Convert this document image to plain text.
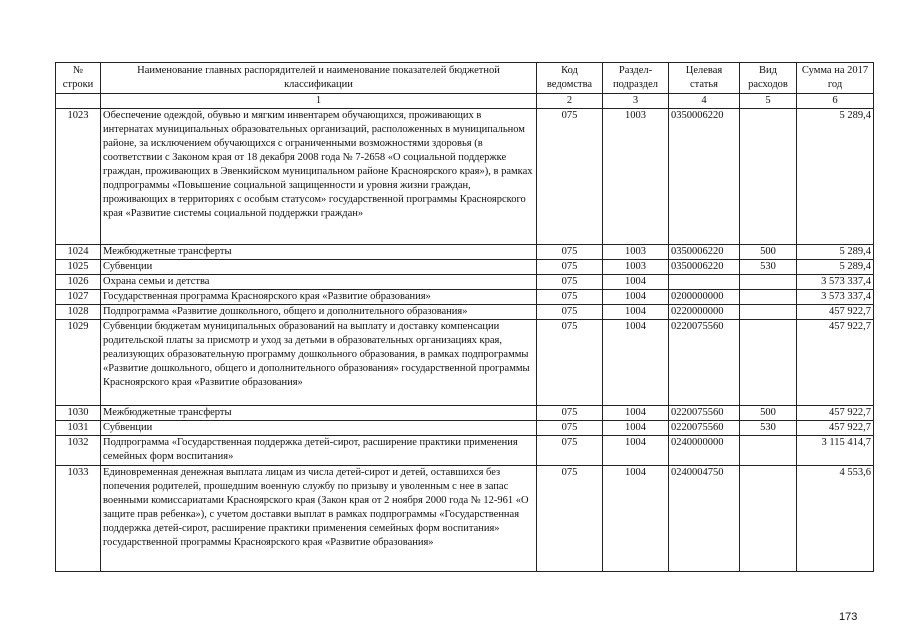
№ строки	Наименование главных распорядителей и наименование показателей бюджетной классификации	Код ведомства	Раздел-подраздел	Целевая статья	Вид расходов	Сумма на 2017 год
	1	2	3	4	5	6
1023	Обеспечение одеждой, обувью и мягким инвентарем обучающихся, проживающих в интернатах муниципальных образовательных организаций, расположенных в муниципальном районе, за исключением обучающихся с ограниченными возможностями здоровья (в соответствии с Законом края от 18 декабря 2008 года № 7-2658 «О социальной поддержке граждан, проживающих в Эвенкийском муниципальном районе Красноярского края»), в рамках подпрограммы «Повышение социальной защищенности и уровня жизни граждан, проживающих в территориях с особым статусом» государственной программы Красноярского края «Развитие системы социальной поддержки граждан»	075	1003	0350006220		5 289,4
1024	Межбюджетные трансферты	075	1003	0350006220	500	5 289,4
1025	Субвенции	075	1003	0350006220	530	5 289,4
1026	Охрана семьи и детства	075	1004			3 573 337,4
1027	Государственная программа Красноярского края «Развитие образования»	075	1004	0200000000		3 573 337,4
1028	Подпрограмма «Развитие дошкольного, общего и дополнительного образования»	075	1004	0220000000		457 922,7
1029	Субвенции бюджетам муниципальных образований на выплату и доставку компенсации родительской платы за присмотр и уход за детьми в образовательных организациях края, реализующих образовательную программу дошкольного образования, в рамках подпрограммы «Развитие дошкольного, общего и дополнительного образования» государственной программы Красноярского края «Развитие образования»	075	1004	0220075560		457 922,7
1030	Межбюджетные трансферты	075	1004	0220075560	500	457 922,7
1031	Субвенции	075	1004	0220075560	530	457 922,7
1032	Подпрограмма «Государственная поддержка детей-сирот, расширение практики применения семейных форм воспитания»	075	1004	0240000000		3 115 414,7
1033	Единовременная денежная выплата лицам из числа детей-сирот и детей, оставшихся без попечения родителей, прошедшим военную службу по призыву и уволенным с нее в запас военными комиссариатами Красноярского края (Закон края от 2 ноября 2000 года № 12-961 «О защите прав ребенка»), с учетом доставки выплат в рамках подпрограммы «Государственная поддержка детей-сирот, расширение практики применения семейных форм воспитания» государственной программы Красноярского края «Развитие образования»	075	1004	0240004750		4 553,6
173
